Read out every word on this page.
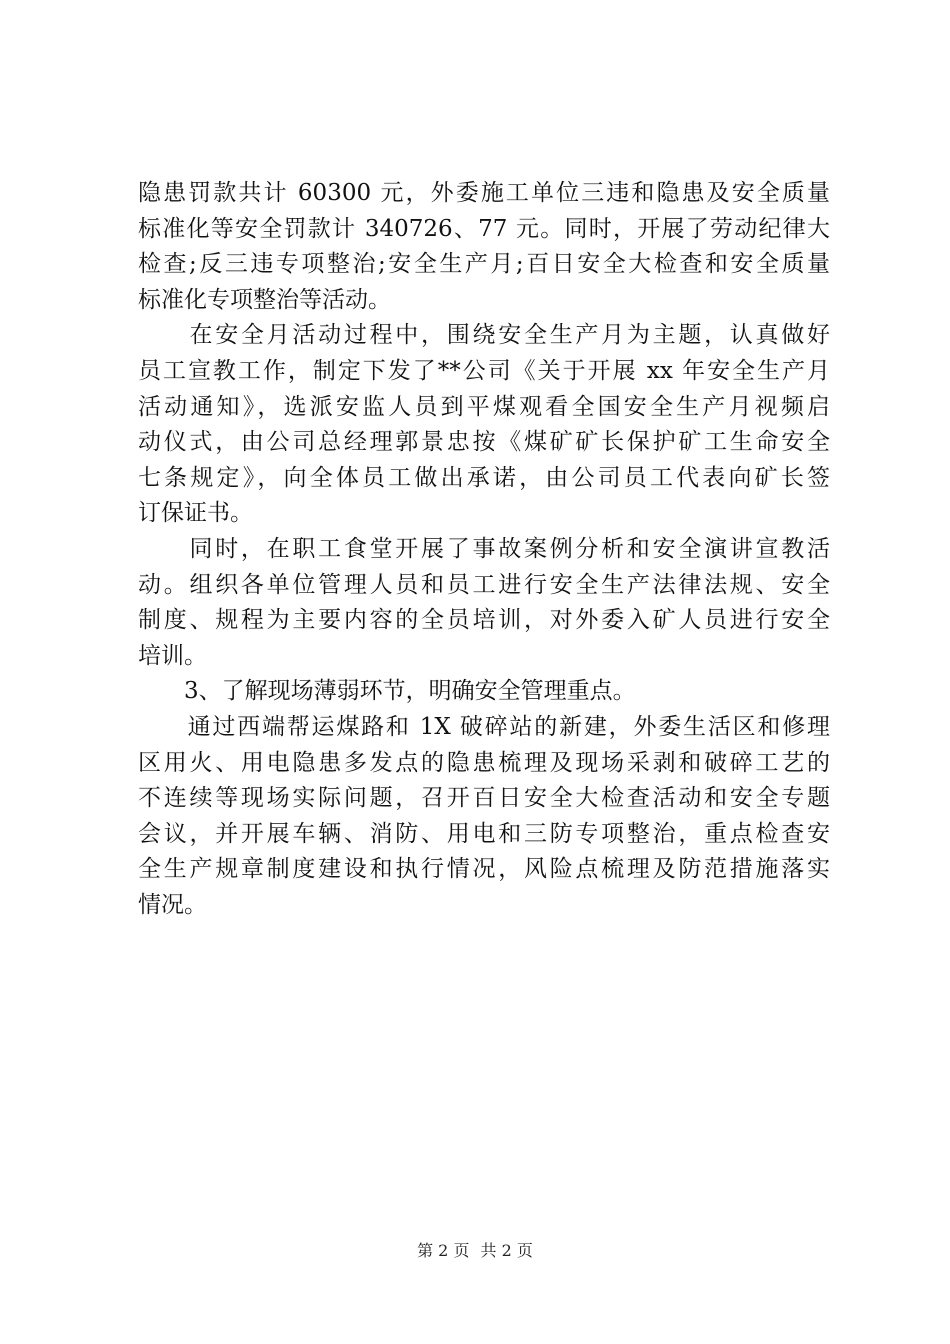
隐患罚款共计 60300 元，外委施工单位三违和隐患及安全质量
标准化等安全罚款计 340726、77 元。同时，开展了劳动纪律大
检查;反三违专项整治;安全生产月;百日安全大检查和安全质量
标准化专项整治等活动。
　　在安全月活动过程中，围绕安全生产月为主题，认真做好
员工宣教工作，制定下发了**公司《关于开展 xx 年安全生产月
活动通知》，选派安监人员到平煤观看全国安全生产月视频启
动仪式，由公司总经理郭景忠按《煤矿矿长保护矿工生命安全
七条规定》，向全体员工做出承诺，由公司员工代表向矿长签
订保证书。
　　同时，在职工食堂开展了事故案例分析和安全演讲宣教活
动。组织各单位管理人员和员工进行安全生产法律法规、安全
制度、规程为主要内容的全员培训，对外委入矿人员进行安全
培训。
　　3、了解现场薄弱环节，明确安全管理重点。
　　通过西端帮运煤路和 1X 破碎站的新建，外委生活区和修理
区用火、用电隐患多发点的隐患梳理及现场采剥和破碎工艺的
不连续等现场实际问题，召开百日安全大检查活动和安全专题
会议，并开展车辆、消防、用电和三防专项整治，重点检查安
全生产规章制度建设和执行情况，风险点梳理及防范措施落实
情况。
第 2 页 共 2 页
